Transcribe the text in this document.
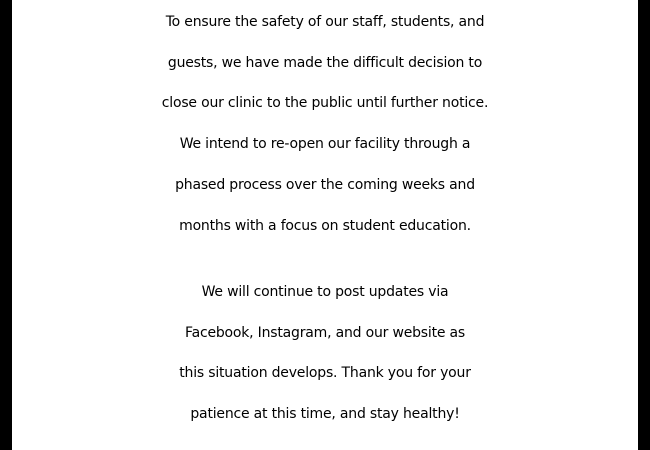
To ensure the safety of our staff, students, and
guests, we have made the difficult decision to
close our clinic to the public until further notice.
We intend to re-open our facility through a
phased process over the coming weeks and
months with a focus on student education.
We will continue to post updates via
Facebook, Instagram, and our website as
this situation develops. Thank you for your
patience at this time, and stay healthy!
